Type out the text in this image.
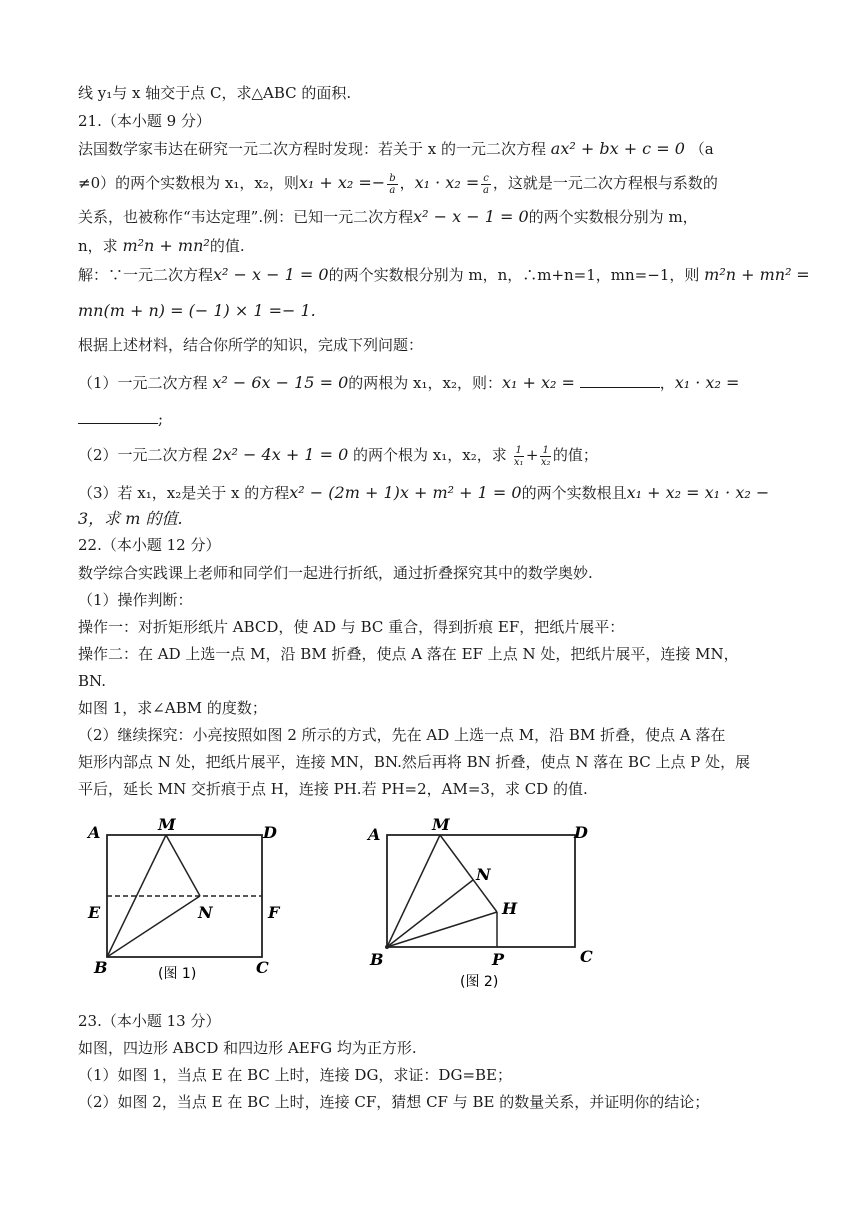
线 y₁与 x 轴交于点 C，求△ABC 的面积.
21.（本小题 9 分）
法国数学家韦达在研究一元二次方程时发现：若关于 x 的一元二次方程 ax² + bx + c = 0 （a
≠0）的两个实数根为 x₁，x₂，则$x_1 + x_2 =- \frac{b}{a}$ ，$x_1 \cdot x_2 = \frac{c}{a}$ ，这就是一元二次方程根与系数的
关系，也被称作“韦达定理”.例：已知一元二次方程x² − x − 1 = 0的两个实数根分别为 m，
n，求 m²n + mn²的值.
解：∵一元二次方程x² − x − 1 = 0的两个实数根分别为 m，n，∴m+n=1，mn=−1，则 m²n + mn² =
mn(m + n) = (− 1) × 1 =− 1.
根据上述材料，结合你所学的知识，完成下列问题：
（1）一元二次方程 x² − 6x − 15 = 0的两根为 x₁，x₂，则：x₁ + x₂ =	，x₁ · x₂ =
;
（2）一元二次方程 2x² − 4x + 1 = 0 的两个根为 x₁，x₂，求 $\frac{1}{\text{x₁}} + \frac{1}{\text{x₂}}$ 的值；
（3）若 x₁，x₂是关于 x 的方程x² − (2m + 1)x + m² + 1 = 0的两个实数根且x₁ + x₂ = x₁ · x₂ −
3，求 m 的值.
22.（本小题 12 分）
数学综合实践课上老师和同学们一起进行折纸，通过折叠探究其中的数学奥妙.
（1）操作判断：
操作一：对折矩形纸片 ABCD，使 AD 与 BC 重合，得到折痕 EF，把纸片展平：
操作二：在 AD 上选一点 M，沿 BM 折叠，使点 A 落在 EF 上点 N 处，把纸片展平，连接 MN，
BN.
如图 1，求∠ABM 的度数；
（2）继续探究：小亮按照如图 2 所示的方式，先在 AD 上选一点 M，沿 BM 折叠，使点 A 落在
矩形内部点 N 处，把纸片展平，连接 MN，BN.然后再将 BN 折叠，使点 N 落在 BC 上点 P 处，展
平后，延长 MN 交折痕于点 H，连接 PH.若 PH=2，AM=3，求 CD 的值.
A	M	D
E	N	F
B	C
(图 1)
A
M	D
N
H
B	P	C
(图 2)
23.（本小题 13 分）
如图，四边形 ABCD 和四边形 AEFG 均为正方形.
（1）如图 1，当点 E 在 BC 上时，连接 DG，求证：DG=BE；
（2）如图 2，当点 E 在 BC 上时，连接 CF，猜想 CF 与 BE 的数量关系，并证明你的结论；
